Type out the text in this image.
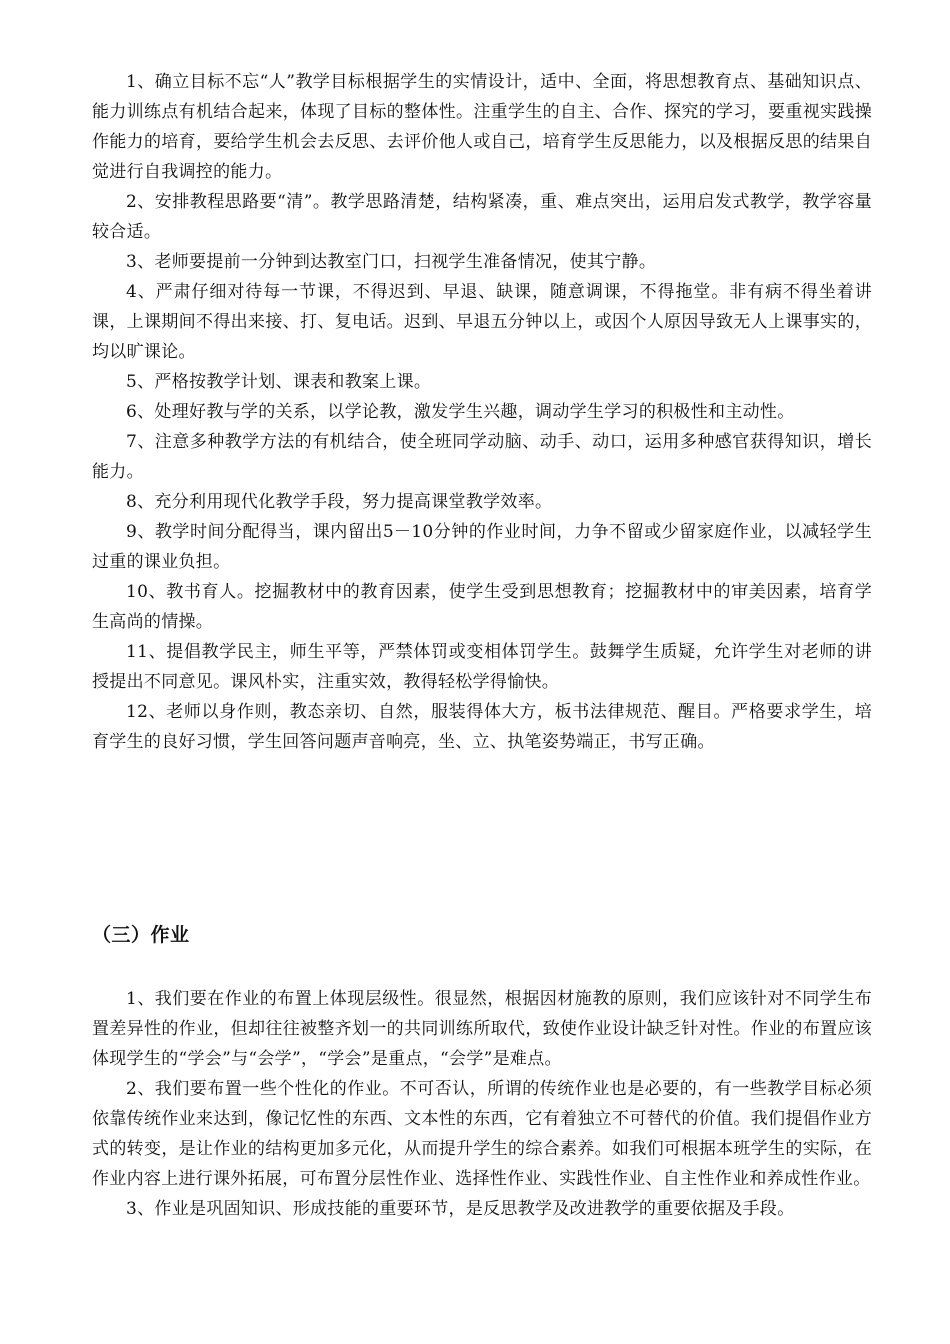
1、确立目标不忘“人”教学目标根据学生的实情设计，适中、全面，将思想教育点、基础知识点、能力训练点有机结合起来，体现了目标的整体性。注重学生的自主、合作、探究的学习，要重视实践操作能力的培育，要给学生机会去反思、去评价他人或自己，培育学生反思能力，以及根据反思的结果自觉进行自我调控的能力。

2、安排教程思路要“清”。教学思路清楚，结构紧凑，重、难点突出，运用启发式教学，教学容量较合适。

3、老师要提前一分钟到达教室门口，扫视学生准备情况，使其宁静。

4、严肃仔细对待每一节课，不得迟到、早退、缺课，随意调课，不得拖堂。非有病不得坐着讲课，上课期间不得出来接、打、复电话。迟到、早退五分钟以上，或因个人原因导致无人上课事实的，均以旷课论。

5、严格按教学计划、课表和教案上课。

6、处理好教与学的关系，以学论教，激发学生兴趣，调动学生学习的积极性和主动性。

7、注意多种教学方法的有机结合，使全班同学动脑、动手、动口，运用多种感官获得知识，增长能力。

8、充分利用现代化教学手段，努力提高课堂教学效率。

9、教学时间分配得当，课内留出5－10分钟的作业时间，力争不留或少留家庭作业，以减轻学生过重的课业负担。

10、教书育人。挖掘教材中的教育因素，使学生受到思想教育；挖掘教材中的审美因素，培育学生高尚的情操。

11、提倡教学民主，师生平等，严禁体罚或变相体罚学生。鼓舞学生质疑，允许学生对老师的讲授提出不同意见。课风朴实，注重实效，教得轻松学得愉快。

12、老师以身作则，教态亲切、自然，服装得体大方，板书法律规范、醒目。严格要求学生，培育学生的良好习惯，学生回答问题声音响亮，坐、立、执笔姿势端正，书写正确。

（三）作业

1、我们要在作业的布置上体现层级性。很显然，根据因材施教的原则，我们应该针对不同学生布置差异性的作业，但却往往被整齐划一的共同训练所取代，致使作业设计缺乏针对性。作业的布置应该体现学生的“学会”与“会学”，“学会”是重点，“会学”是难点。

2、我们要布置一些个性化的作业。不可否认，所谓的传统作业也是必要的，有一些教学目标必须依靠传统作业来达到，像记忆性的东西、文本性的东西，它有着独立不可替代的价值。我们提倡作业方式的转变，是让作业的结构更加多元化，从而提升学生的综合素养。如我们可根据本班学生的实际，在作业内容上进行课外拓展，可布置分层性作业、选择性作业、实践性作业、自主性作业和养成性作业。

3、作业是巩固知识、形成技能的重要环节，是反思教学及改进教学的重要依据及手段。
